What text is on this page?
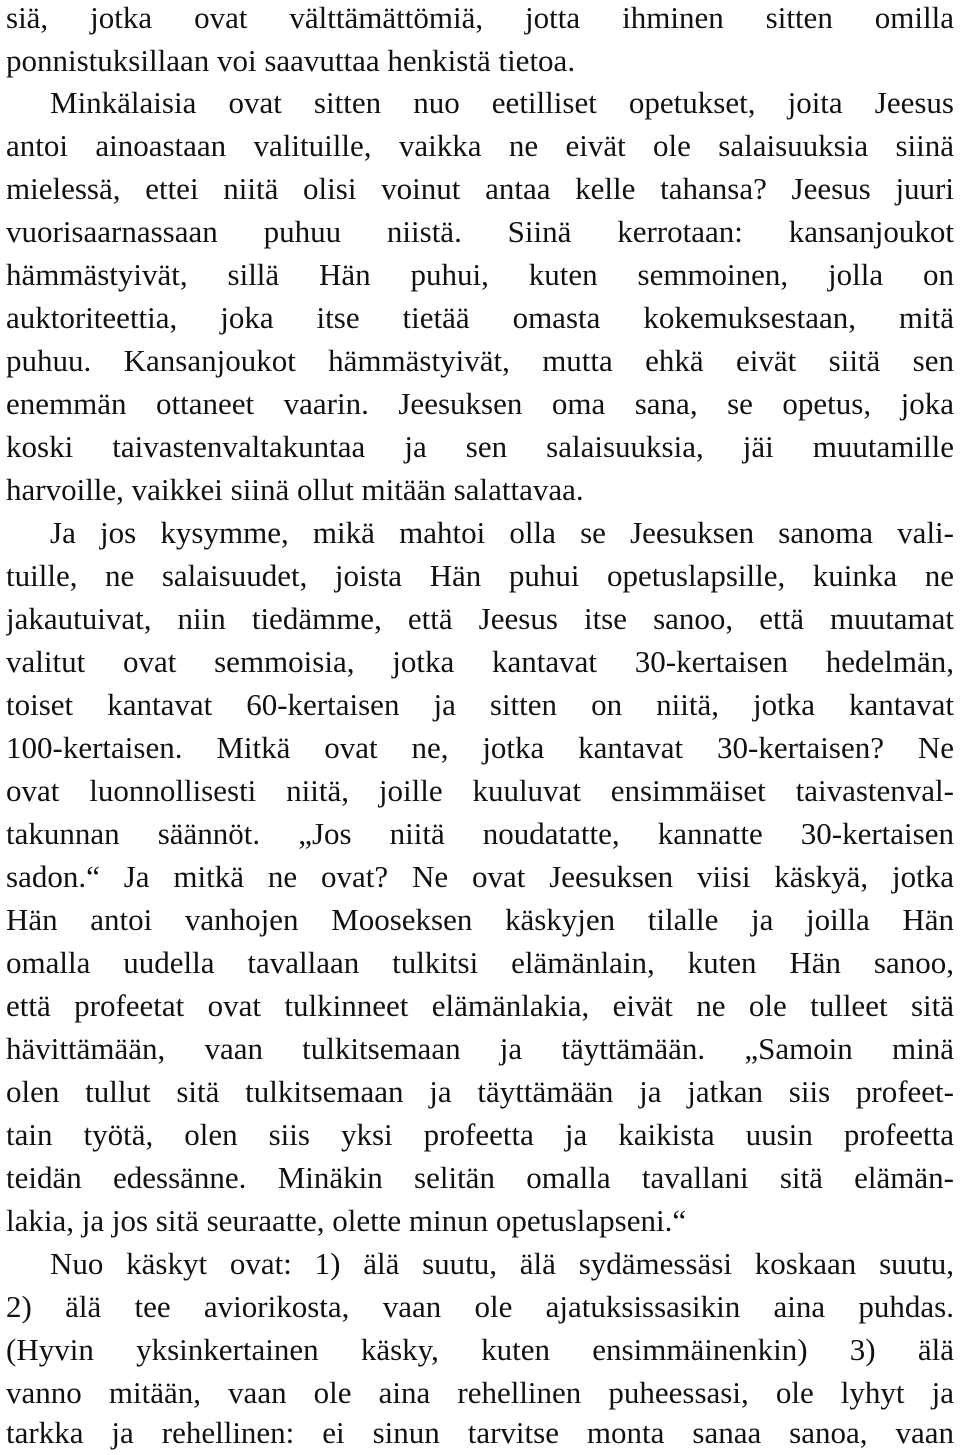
siä, jotka ovat välttämättömiä, jotta ihminen sitten omilla
ponnistuksillaan voi saavuttaa henkistä tietoa.
Minkälaisia ovat sitten nuo eetilliset opetukset, joita Jeesus
antoi ainoastaan valituille, vaikka ne eivät ole salaisuuksia siinä
mielessä, ettei niitä olisi voinut antaa kelle tahansa? Jeesus juuri
vuorisaarnassaan puhuu niistä. Siinä kerrotaan: kansanjoukot
hämmästyivät, sillä Hän puhui, kuten semmoinen, jolla on
auktoriteettia, joka itse tietää omasta kokemuksestaan, mitä
puhuu. Kansanjoukot hämmästyivät, mutta ehkä eivät siitä sen
enemmän ottaneet vaarin. Jeesuksen oma sana, se opetus, joka
koski taivastenvaltakuntaa ja sen salaisuuksia, jäi muutamille
harvoille, vaikkei siinä ollut mitään salattavaa.
Ja jos kysymme, mikä mahtoi olla se Jeesuksen sanoma vali-
tuille, ne salaisuudet, joista Hän puhui opetuslapsille, kuinka ne
jakautuivat, niin tiedämme, että Jeesus itse sanoo, että muutamat
valitut ovat semmoisia, jotka kantavat 30-kertaisen hedelmän,
toiset kantavat 60-kertaisen ja sitten on niitä, jotka kantavat
100-kertaisen. Mitkä ovat ne, jotka kantavat 30-kertaisen? Ne
ovat luonnollisesti niitä, joille kuuluvat ensimmäiset taivastenval-
takunnan säännöt. „Jos niitä noudatatte, kannatte 30-kertaisen
sadon.“ Ja mitkä ne ovat? Ne ovat Jeesuksen viisi käskyä, jotka
Hän antoi vanhojen Mooseksen käskyjen tilalle ja joilla Hän
omalla uudella tavallaan tulkitsi elämänlain, kuten Hän sanoo,
että profeetat ovat tulkinneet elämänlakia, eivät ne ole tulleet sitä
hävittämään, vaan tulkitsemaan ja täyttämään. „Samoin minä
olen tullut sitä tulkitsemaan ja täyttämään ja jatkan siis profeet-
tain työtä, olen siis yksi profeetta ja kaikista uusin profeetta
teidän edessänne. Minäkin selitän omalla tavallani sitä elämän-
lakia, ja jos sitä seuraatte, olette minun opetuslapseni.“
Nuo käskyt ovat: 1) älä suutu, älä sydämessäsi koskaan suutu,
2) älä tee aviorikosta, vaan ole ajatuksissasikin aina puhdas.
(Hyvin yksinkertainen käsky, kuten ensimmäinenkin) 3) älä
vanno mitään, vaan ole aina rehellinen puheessasi, ole lyhyt ja
tarkka ja rehellinen: ei sinun tarvitse monta sanaa sanoa, vaan
